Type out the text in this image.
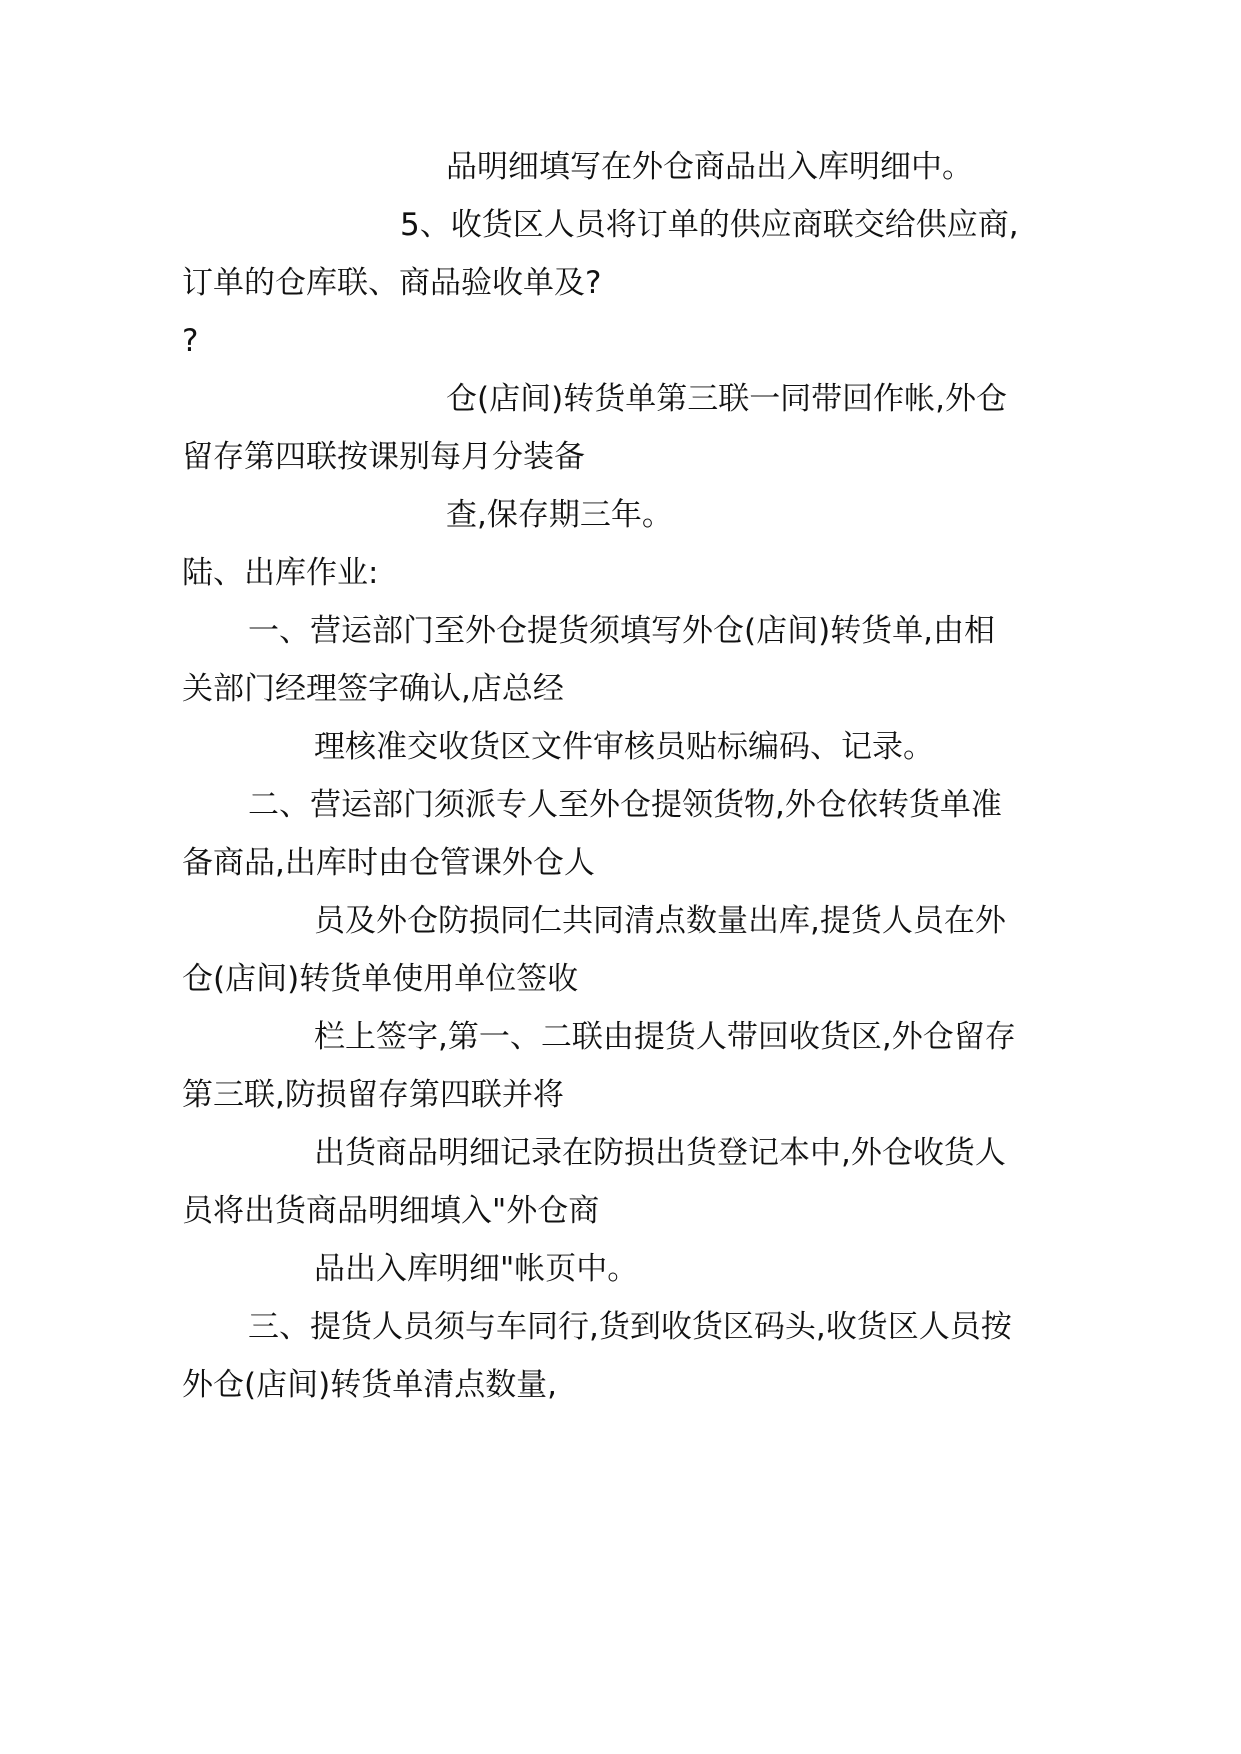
品明细填写在外仓商品出入库明细中。
5、收货区人员将订单的供应商联交给供应商,
订单的仓库联、商品验收单及?
?
仓(店间)转货单第三联一同带回作帐,外仓
留存第四联按课别每月分装备
查,保存期三年。
陆、出库作业:
一、营运部门至外仓提货须填写外仓(店间)转货单,由相
关部门经理签字确认,店总经
理核准交收货区文件审核员贴标编码、记录。
二、营运部门须派专人至外仓提领货物,外仓依转货单准
备商品,出库时由仓管课外仓人
员及外仓防损同仁共同清点数量出库,提货人员在外
仓(店间)转货单使用单位签收
栏上签字,第一、二联由提货人带回收货区,外仓留存
第三联,防损留存第四联并将
出货商品明细记录在防损出货登记本中,外仓收货人
员将出货商品明细填入"外仓商
品出入库明细"帐页中。
三、提货人员须与车同行,货到收货区码头,收货区人员按
外仓(店间)转货单清点数量,
